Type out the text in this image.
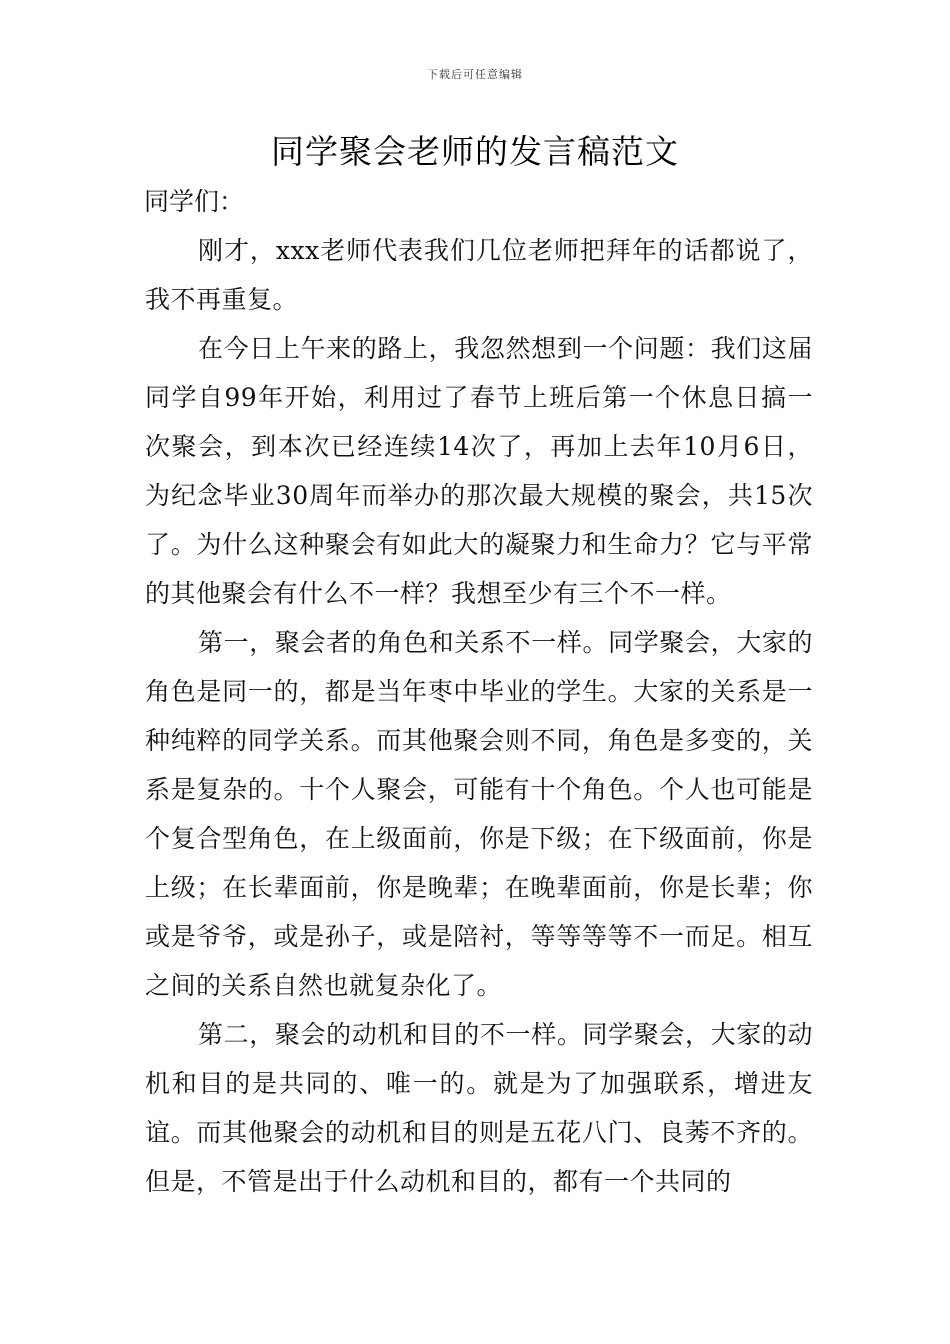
下载后可任意编辑
同学聚会老师的发言稿范文

同学们：

刚才，xxx老师代表我们几位老师把拜年的话都说了，我不再重复。

在今日上午来的路上，我忽然想到一个问题：我们这届同学自99年开始，利用过了春节上班后第一个休息日搞一次聚会，到本次已经连续14次了，再加上去年10月6日，为纪念毕业30周年而举办的那次最大规模的聚会，共15次了。为什么这种聚会有如此大的凝聚力和生命力？它与平常的其他聚会有什么不一样？我想至少有三个不一样。

第一，聚会者的角色和关系不一样。同学聚会，大家的角色是同一的，都是当年枣中毕业的学生。大家的关系是一种纯粹的同学关系。而其他聚会则不同，角色是多变的，关系是复杂的。十个人聚会，可能有十个角色。个人也可能是个复合型角色，在上级面前，你是下级；在下级面前，你是上级；在长辈面前，你是晚辈；在晚辈面前，你是长辈；你或是爷爷，或是孙子，或是陪衬，等等等等不一而足。相互之间的关系自然也就复杂化了。

第二，聚会的动机和目的不一样。同学聚会，大家的动机和目的是共同的、唯一的。就是为了加强联系，增进友谊。而其他聚会的动机和目的则是五花八门、良莠不齐的。但是，不管是出于什么动机和目的，都有一个共同的
